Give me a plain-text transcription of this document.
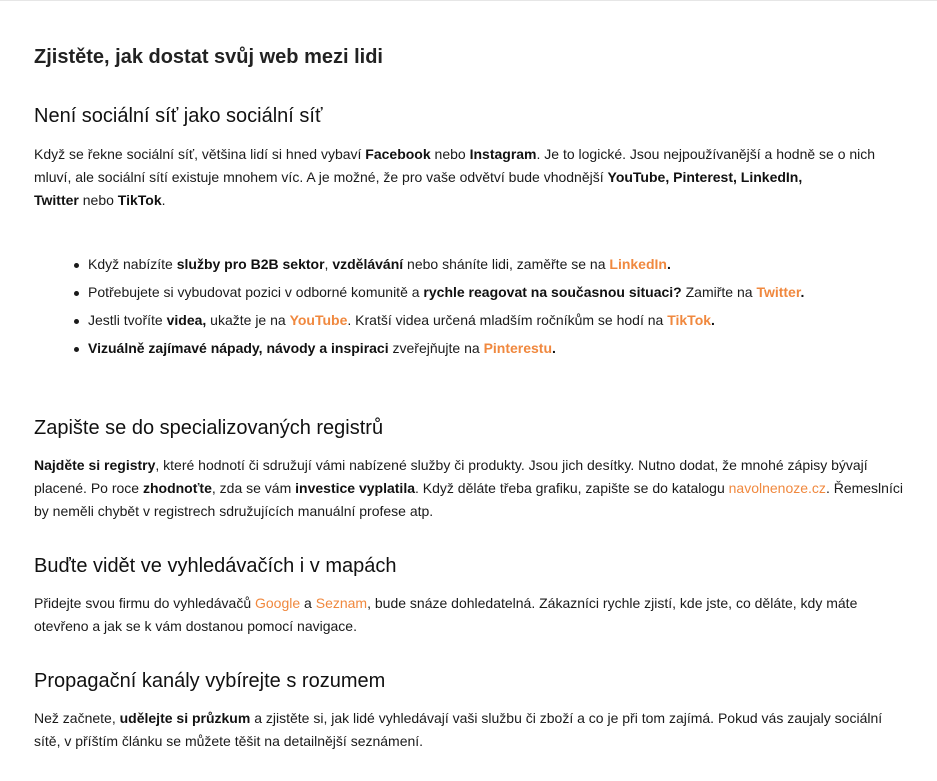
Zjistěte, jak dostat svůj web mezi lidi
Není sociální síť jako sociální síť

Když se řekne sociální síť, většina lidí si hned vybaví Facebook nebo Instagram. Je to logické. Jsou nejpoužívanější a hodně se o nich mluví, ale sociální sítí existuje mnohem víc. A je možné, že pro vaše odvětví bude vhodnější YouTube, Pinterest, LinkedIn,
Twitter nebo TikTok.

Když nabízíte služby pro B2B sektor, vzdělávání nebo sháníte lidi, zaměřte se na LinkedIn.
Potřebujete si vybudovat pozici v odborné komunitě a rychle reagovat na současnou situaci? Zamiřte na Twitter.
Jestli tvoříte videa, ukažte je na YouTube. Kratší videa určená mladším ročníkům se hodí na TikTok.
Vizuálně zajímavé nápady, návody a inspiraci zveřejňujte na Pinterestu.
Zapište se do specializovaných registrů

Najděte si registry, které hodnotí či sdružují vámi nabízené služby či produkty. Jsou jich desítky. Nutno dodat, že mnohé zápisy bývají placené. Po roce zhodnoťte, zda se vám investice vyplatila. Když děláte třeba grafiku, zapište se do katalogu navolnenoze.cz. Řemeslníci by neměli chybět v registrech sdružujících manuální profese atp.

Buďte vidět ve vyhledávačích i v mapách

Přidejte svou firmu do vyhledávačů Google a Seznam, bude snáze dohledatelná. Zákazníci rychle zjistí, kde jste, co děláte, kdy máte otevřeno a jak se k vám dostanou pomocí navigace.

Propagační kanály vybírejte s rozumem

Než začnete, udělejte si průzkum a zjistěte si, jak lidé vyhledávají vaši službu či zboží a co je při tom zajímá. Pokud vás zaujaly sociální sítě, v příštím článku se můžete těšit na detailnější seznámení.
